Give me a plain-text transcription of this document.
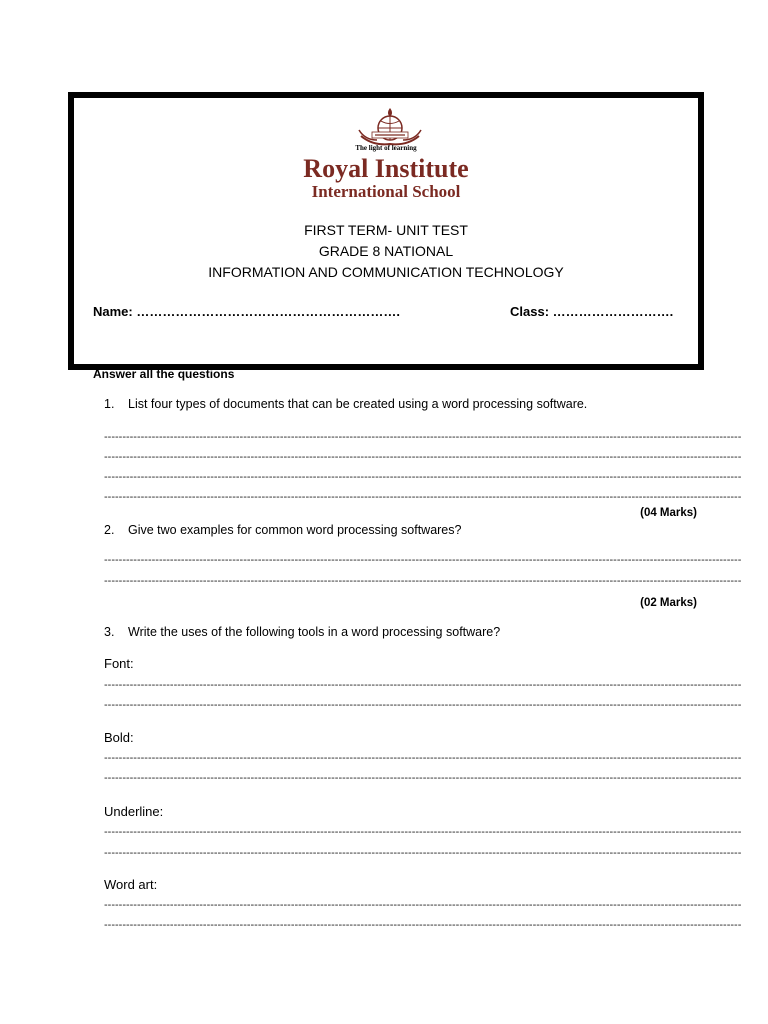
The light of learning
Royal Institute
International School
FIRST TERM- UNIT TEST
GRADE 8 NATIONAL
INFORMATION AND COMMUNICATION TECHNOLOGY
Name: …………………………………………………….	Class: ……………………….
Answer all the questions
1. List four types of documents that can be created using a word processing software.
------------------------------------------------------------------------------------------------------------------------------------------------------------------------------
------------------------------------------------------------------------------------------------------------------------------------------------------------------------------
------------------------------------------------------------------------------------------------------------------------------------------------------------------------------
------------------------------------------------------------------------------------------------------------------------------------------------------------------------------
(04 Marks)
2. Give two examples for common word processing softwares?
------------------------------------------------------------------------------------------------------------------------------------------------------------------------------
------------------------------------------------------------------------------------------------------------------------------------------------------------------------------
(02 Marks)
3. Write the uses of the following tools in a word processing software?
Font:
------------------------------------------------------------------------------------------------------------------------------------------------------------------------------
------------------------------------------------------------------------------------------------------------------------------------------------------------------------------
Bold:
------------------------------------------------------------------------------------------------------------------------------------------------------------------------------
------------------------------------------------------------------------------------------------------------------------------------------------------------------------------
Underline:
------------------------------------------------------------------------------------------------------------------------------------------------------------------------------
------------------------------------------------------------------------------------------------------------------------------------------------------------------------------
Word art:
------------------------------------------------------------------------------------------------------------------------------------------------------------------------------
------------------------------------------------------------------------------------------------------------------------------------------------------------------------------
